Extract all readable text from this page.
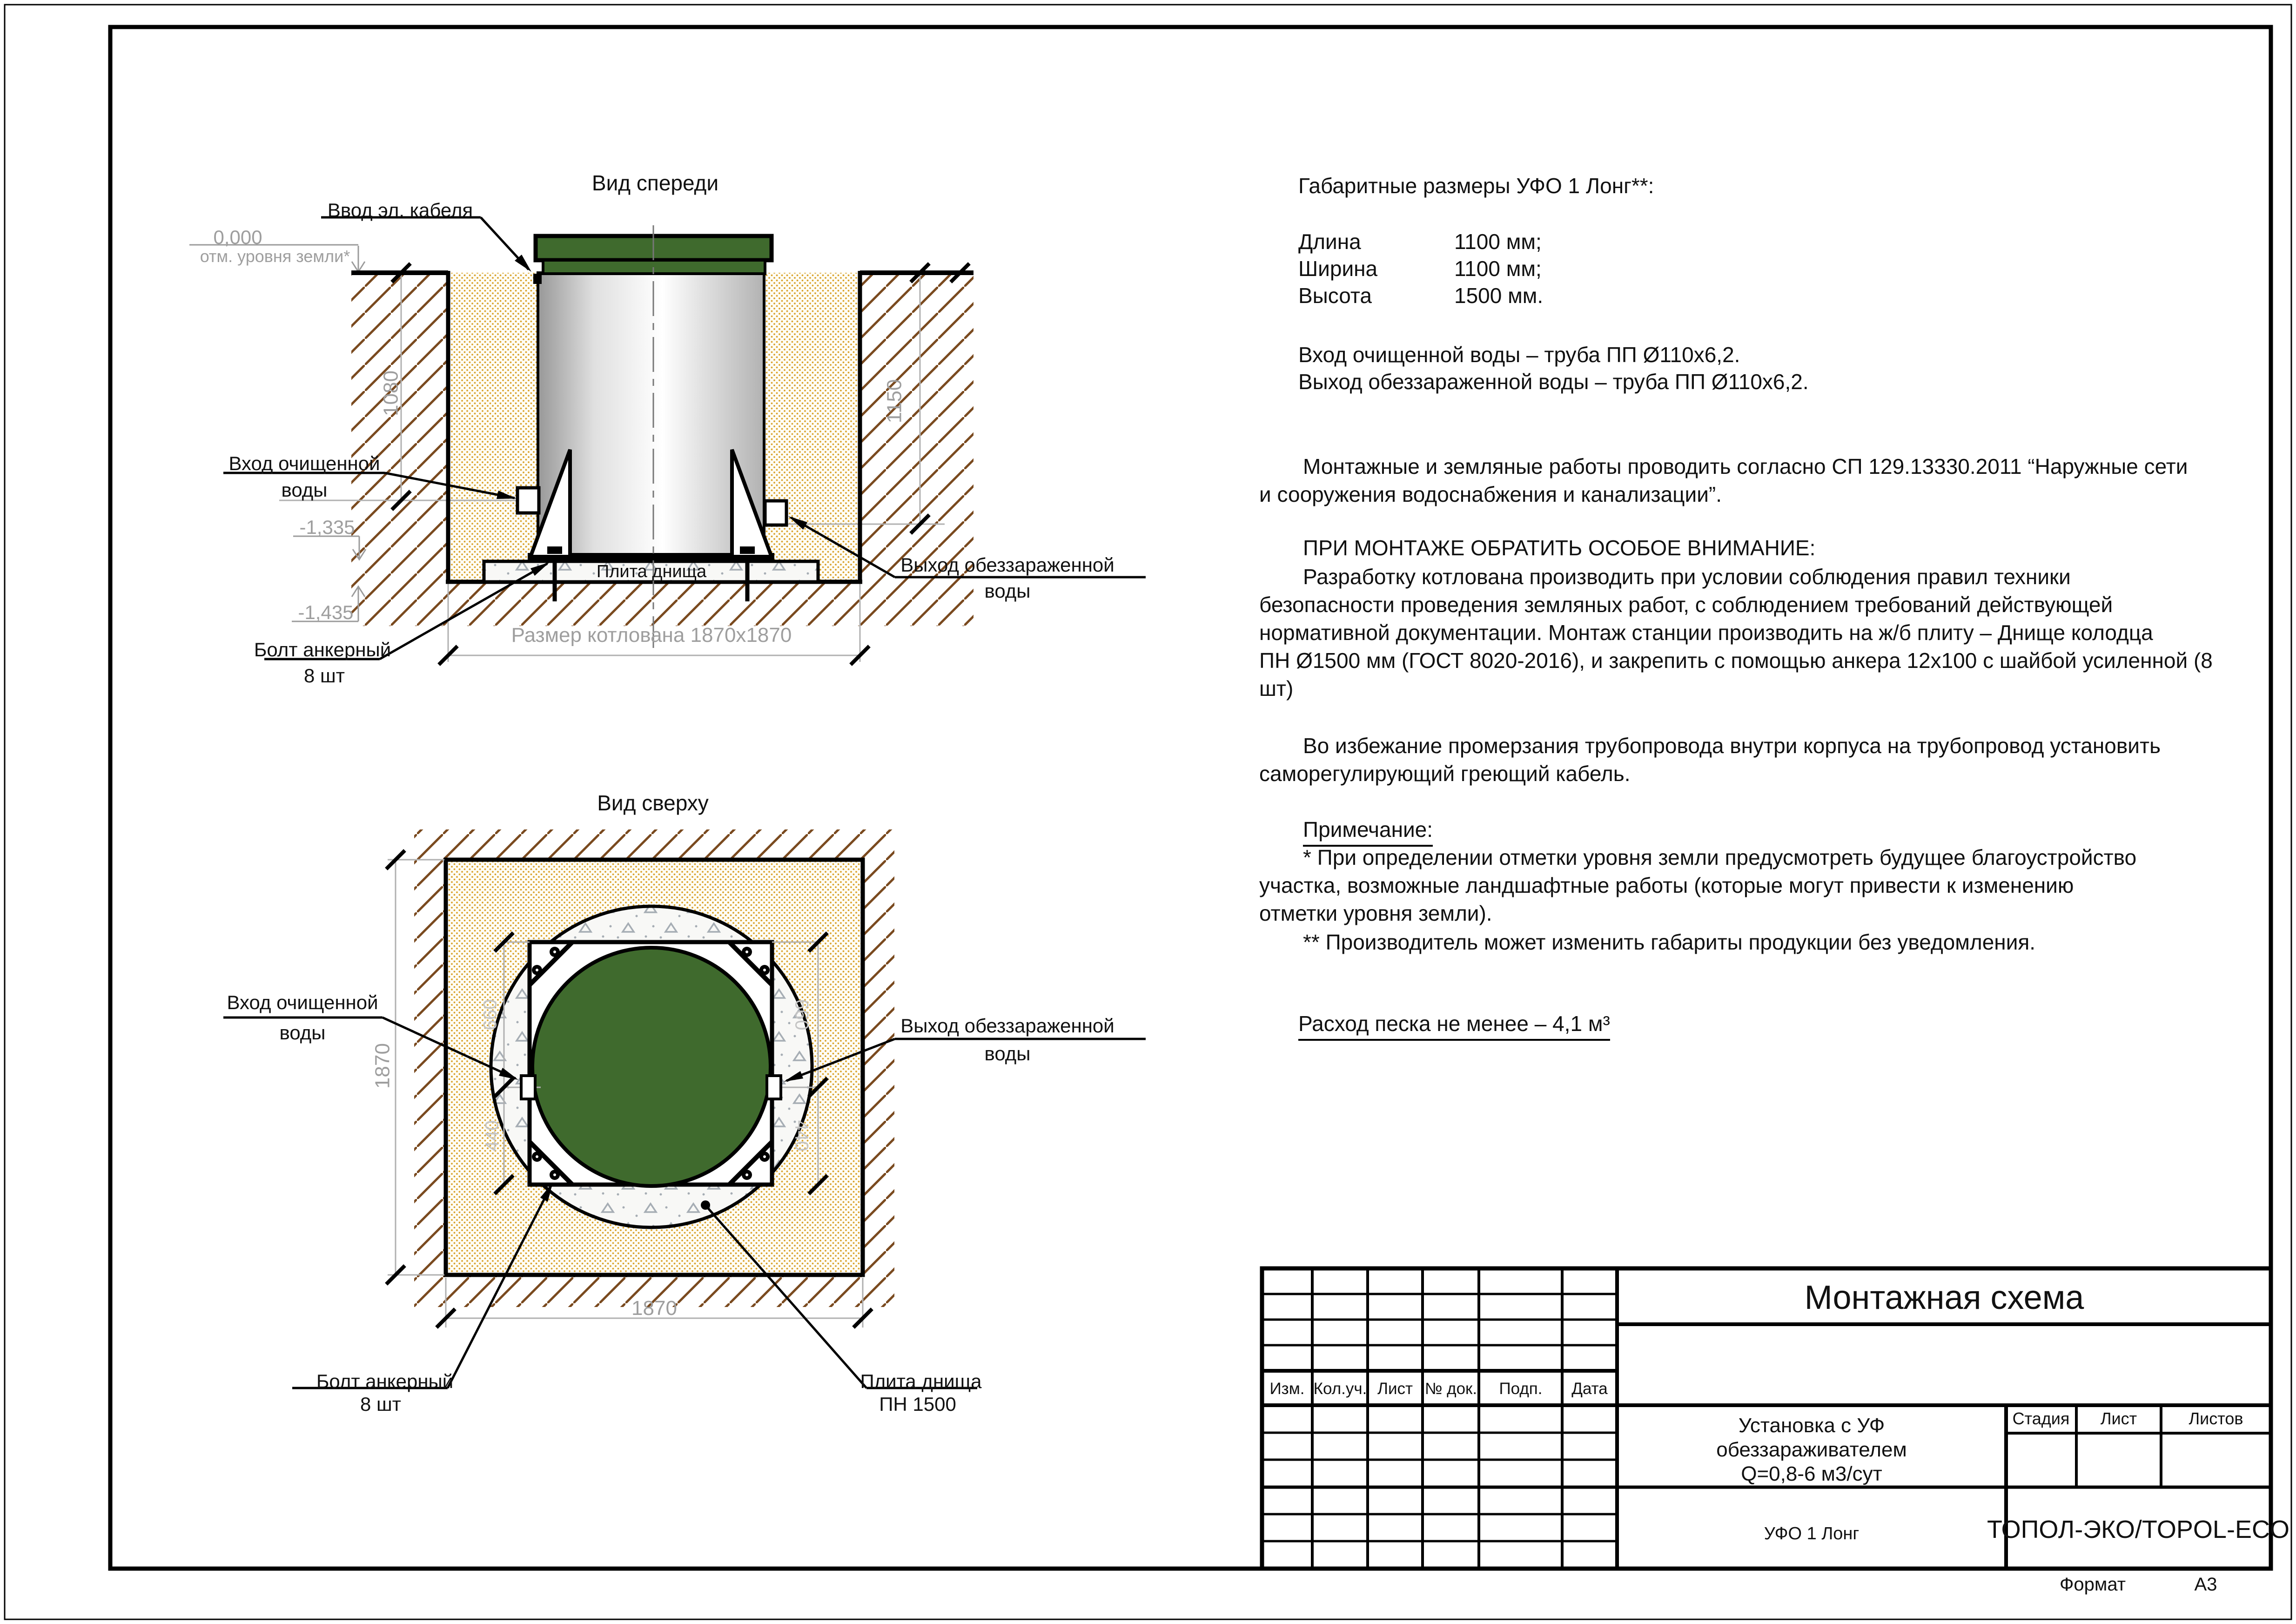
Вид спереди
Ввод эл. кабеля
Вход очищенной
воды
Выход обеззараженной
воды
Плита днища
Болт анкерный
8 шт
Размер котлована 1870х1870
0,000
отм. уровня земли*
-1,335
-1,435
1080	1150
Вид сверху
Вход очищенной
воды	Выход обеззараженной
воды
Болт анкерный
8 шт
Плита днища
ПН 1500
1870
1870
660
440
660
440
Габаритные размеры УФО 1 Лонг**:
Длина	1100 мм;
Ширина	1100 мм;
Высота	1500 мм.
Вход очищенной воды – труба ПП Ø110х6,2.
Выход обеззараженной воды – труба ПП Ø110х6,2.
Монтажные и земляные работы проводить согласно СП 129.13330.2011 “Наружные сети
и сооружения водоснабжения и канализации”.
ПРИ МОНТАЖЕ ОБРАТИТЬ ОСОБОЕ ВНИМАНИЕ:
Разработку котлована производить при условии соблюдения правил техники
безопасности проведения земляных работ, с соблюдением требований действующей
нормативной документации. Монтаж станции производить на ж/б плиту – Днище колодца
ПН Ø1500 мм (ГОСТ 8020-2016), и закрепить с помощью анкера 12х100 с шайбой усиленной (8
шт)
Во избежание промерзания трубопровода внутри корпуса на трубопровод установить
саморегулирующий греющий кабель.
Примечание:
* При определении отметки уровня земли предусмотреть будущее благоустройство
участка, возможные ландшафтные работы (которые могут привести к изменению
отметки уровня земли).
** Производитель может изменить габариты продукции без уведомления.
Расход песка не менее – 4,1 м³
Монтажная схема
Изм. Кол.уч. Лист № док. Подп. Дата
Установка с УФ
обеззараживателем
Q=0,8-6 м3/сут
Стадия Лист	Листов
УФО 1 Лонг	ТОПОЛ-ЭКО/TOPOL-ECO
Формат	А3
